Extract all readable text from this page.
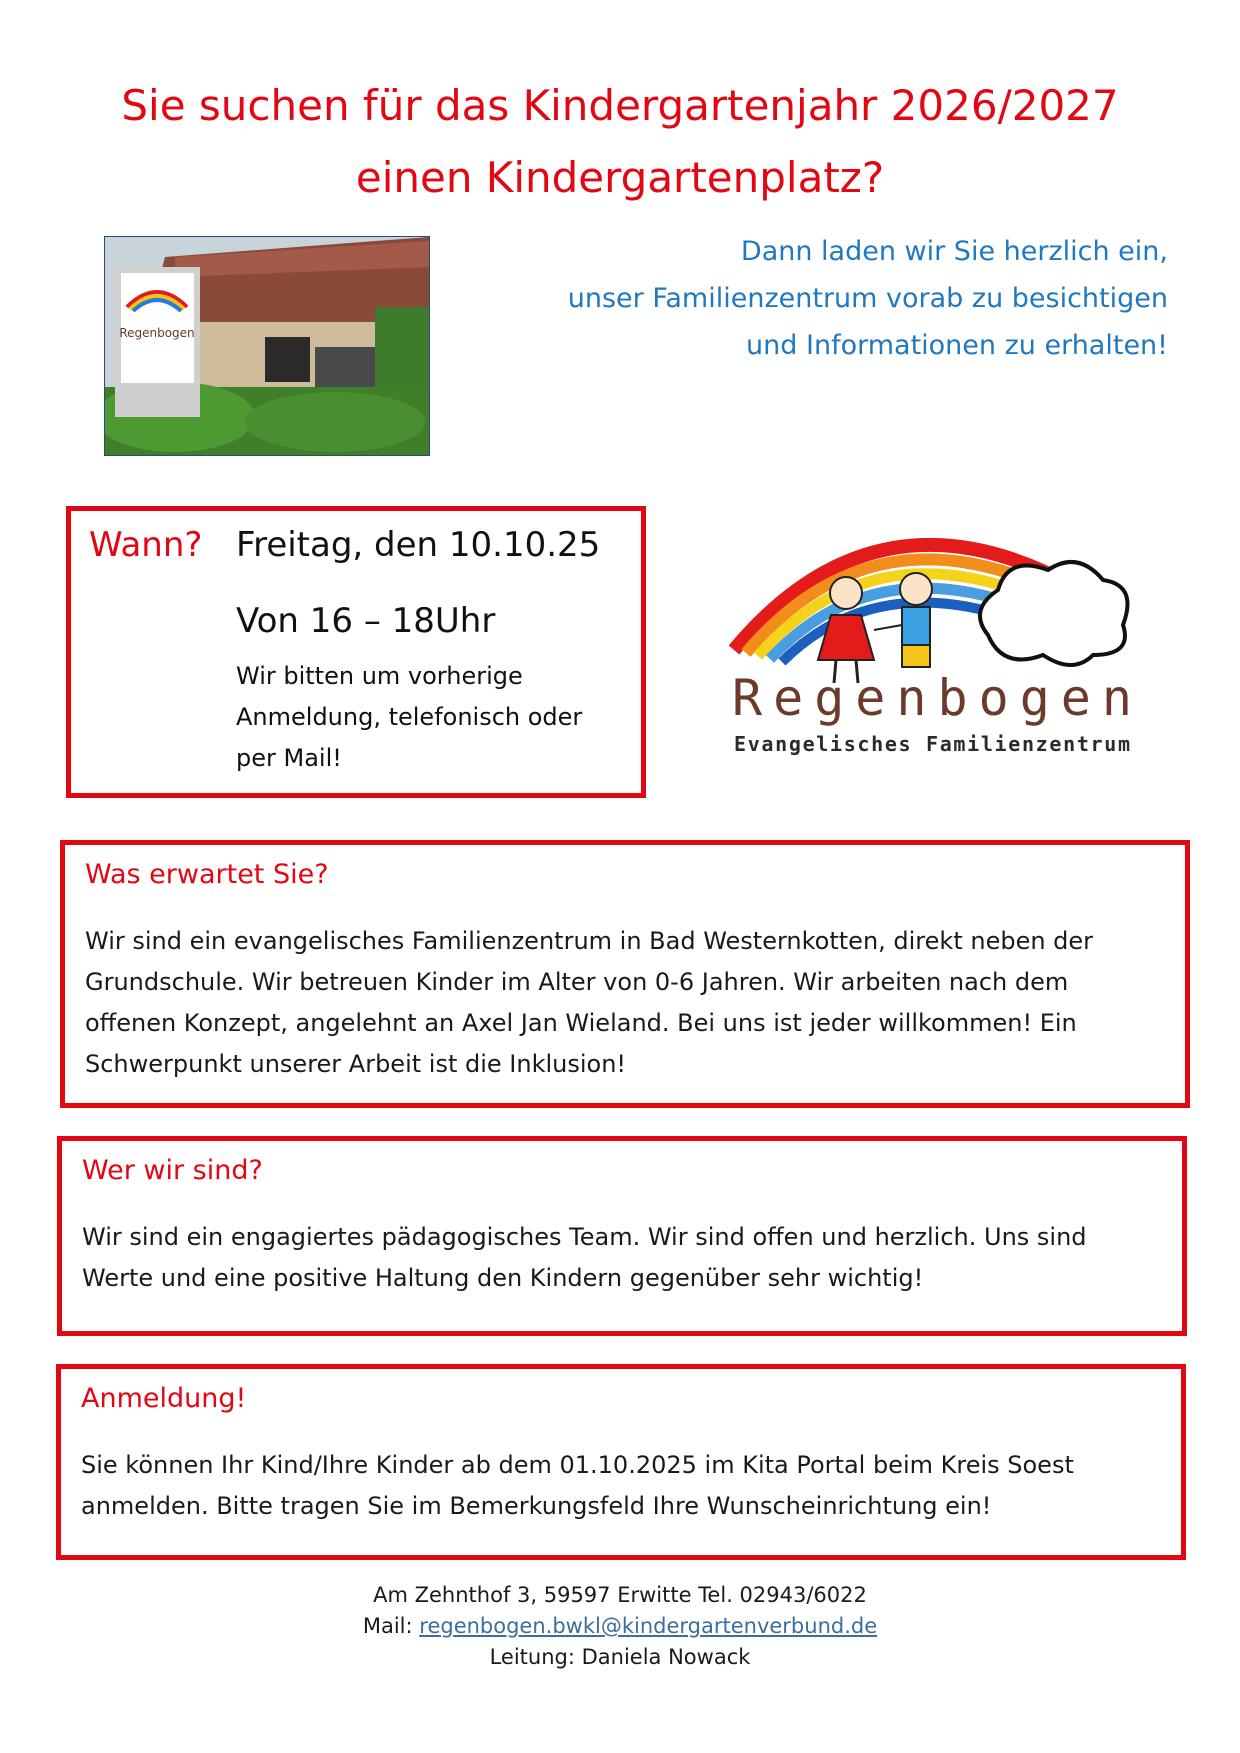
Sie suchen für das Kindergartenjahr 2026/2027
einen Kindergartenplatz?
Regenbogen
Dann laden wir Sie herzlich ein,
unser Familienzentrum vorab zu besichtigen
und Informationen zu erhalten!
Wann? Freitag, den 10.10.25
Von 16 – 18Uhr
Wir bitten um vorherige
Anmeldung, telefonisch oder
per Mail!
Regenbogen
Evangelisches Familienzentrum
Was erwartet Sie?
Wir sind ein evangelisches Familienzentrum in Bad Westernkotten, direkt neben der
Grundschule. Wir betreuen Kinder im Alter von 0-6 Jahren. Wir arbeiten nach dem
offenen Konzept, angelehnt an Axel Jan Wieland. Bei uns ist jeder willkommen! Ein
Schwerpunkt unserer Arbeit ist die Inklusion!
Wer wir sind?
Wir sind ein engagiertes pädagogisches Team. Wir sind offen und herzlich. Uns sind
Werte und eine positive Haltung den Kindern gegenüber sehr wichtig!
Anmeldung!
Sie können Ihr Kind/Ihre Kinder ab dem 01.10.2025 im Kita Portal beim Kreis Soest
anmelden. Bitte tragen Sie im Bemerkungsfeld Ihre Wunscheinrichtung ein!
Am Zehnthof 3, 59597 Erwitte Tel. 02943/6022
Mail: regenbogen.bwkl@kindergartenverbund.de
Leitung: Daniela Nowack
